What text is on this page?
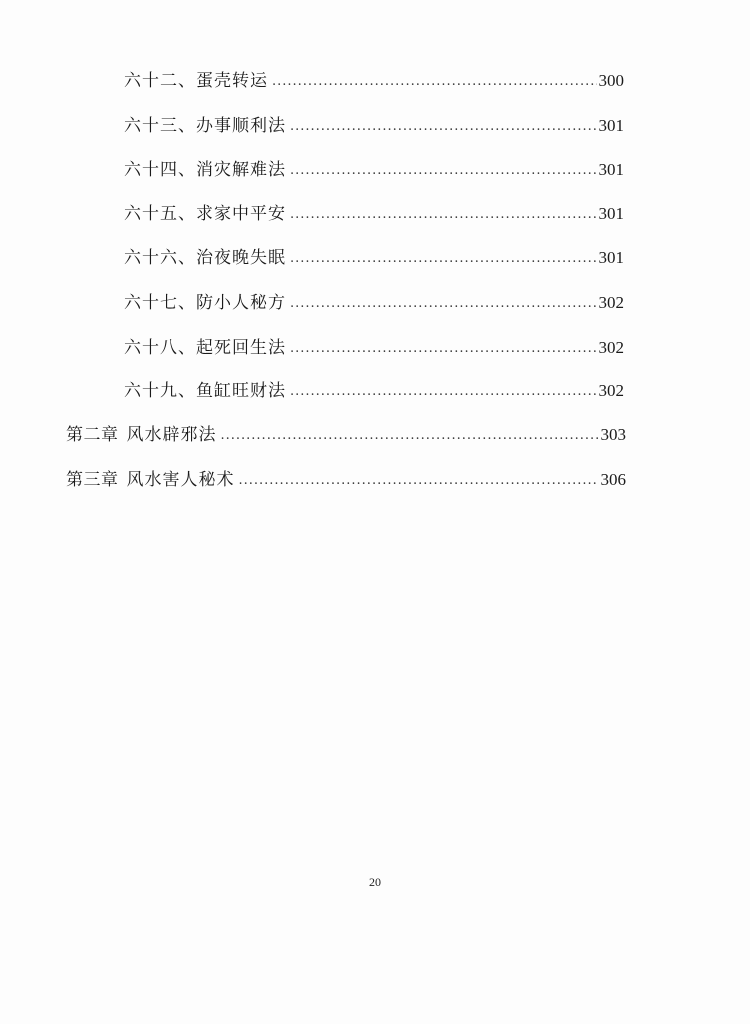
六十二、蛋壳转运 .....	300
六十三、办事顺利法 .....	301
六十四、消灾解难法 .....	301
六十五、求家中平安 .....	301
六十六、治夜晚失眠 .....	301
六十七、防小人秘方 .....	302
六十八、起死回生法 .....	302
六十九、鱼缸旺财法 .....	302
第二章 风水辟邪法 .....	303
第三章 风水害人秘术 .....	306
20
